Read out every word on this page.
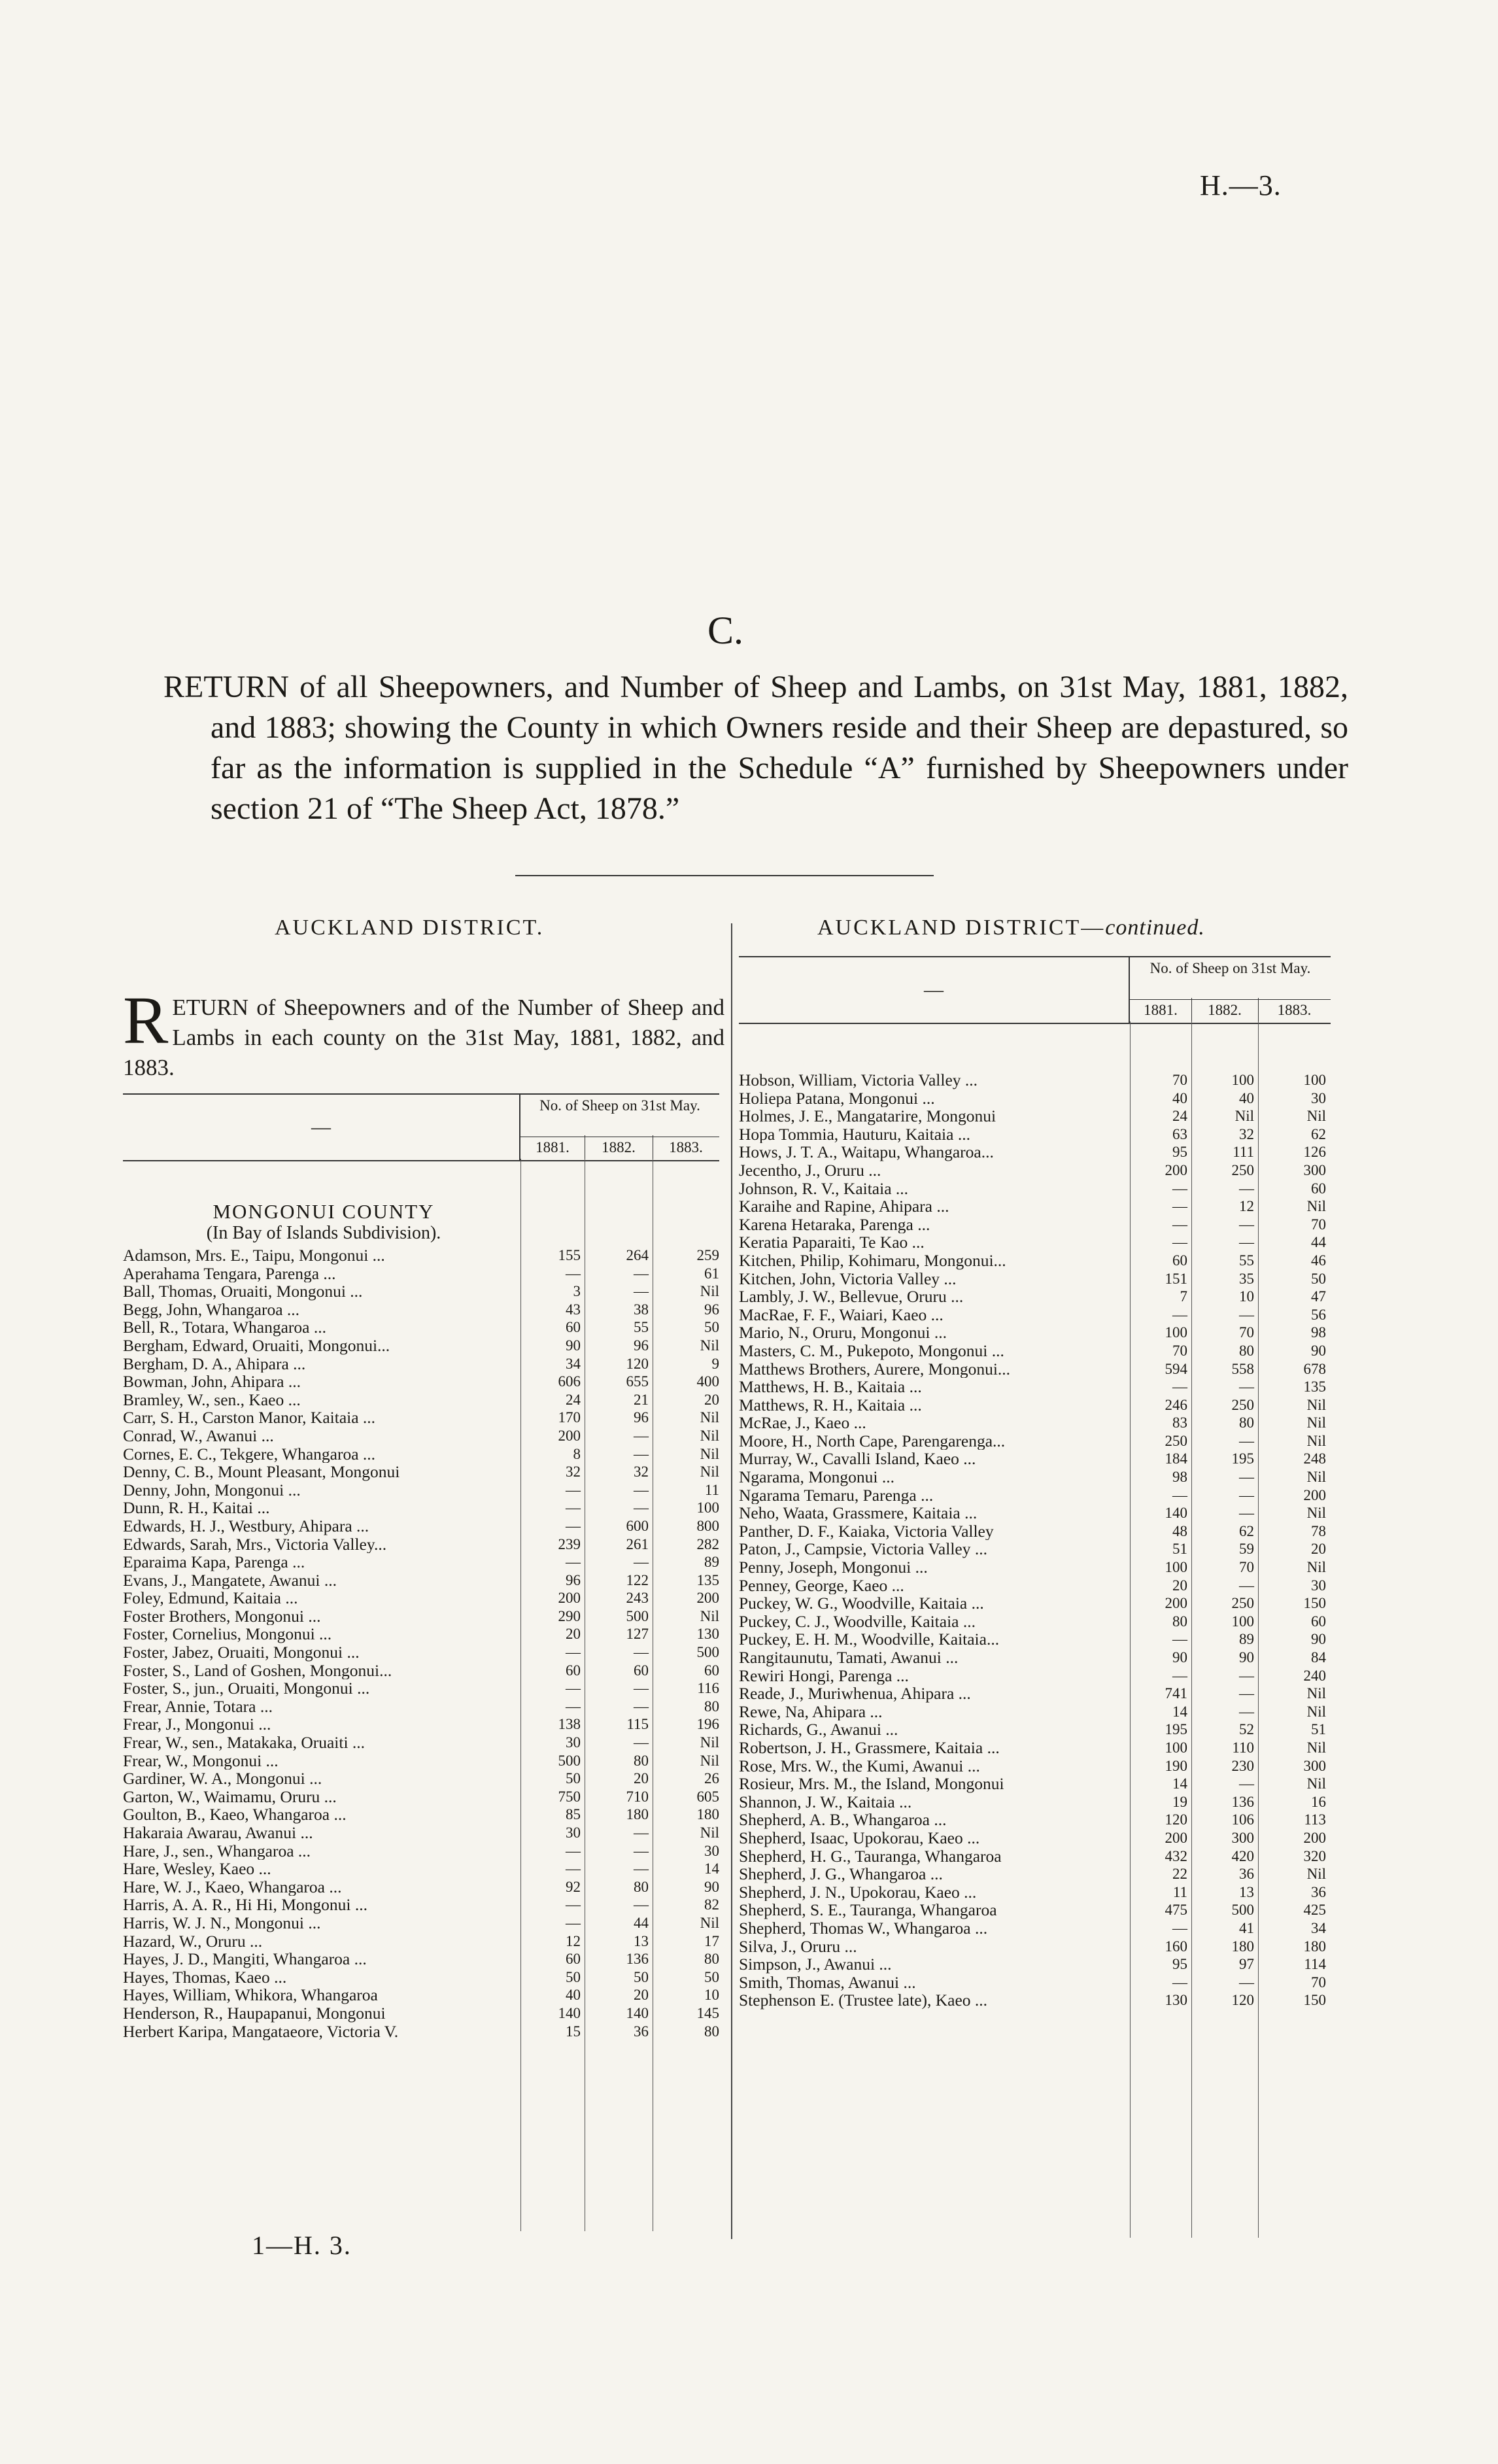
H.—3.
C.
RETURN of all Sheepowners, and Number of Sheep and Lambs, on 31st May, 1881, 1882, and 1883; showing the County in which Owners reside and their Sheep are depastured, so far as the information is supplied in the Schedule “A” furnished by Sheepowners under section 21 of “The Sheep Act, 1878.”
AUCKLAND DISTRICT.
RETURN of Sheepowners and of the Number of Sheep and Lambs in each county on the 31st May, 1881, 1882, and 1883.
—
No. of Sheep on 31st May.
1881.	1882.	1883.
MONGONUI COUNTY
(In Bay of Islands Subdivision).
Adamson, Mrs. E., Taipu, Mongonui ...	155	264	259
Aperahama Tengara, Parenga ...	—	—	61
Ball, Thomas, Oruaiti, Mongonui ...	3	—	Nil
Begg, John, Whangaroa ...	43	38	96
Bell, R., Totara, Whangaroa ...	60	55	50
Bergham, Edward, Oruaiti, Mongonui...	90	96	Nil
Bergham, D. A., Ahipara ...	34	120	9
Bowman, John, Ahipara ...	606	655	400
Bramley, W., sen., Kaeo ...	24	21	20
Carr, S. H., Carston Manor, Kaitaia ...	170	96	Nil
Conrad, W., Awanui ...	200	—	Nil
Cornes, E. C., Tekgere, Whangaroa ...	8	—	Nil
Denny, C. B., Mount Pleasant, Mongonui	32	32	Nil
Denny, John, Mongonui ...	—	—	11
Dunn, R. H., Kaitai ...	—	—	100
Edwards, H. J., Westbury, Ahipara ...	—	600	800
Edwards, Sarah, Mrs., Victoria Valley...	239	261	282
Eparaima Kapa, Parenga ...	—	—	89
Evans, J., Mangatete, Awanui ...	96	122	135
Foley, Edmund, Kaitaia ...	200	243	200
Foster Brothers, Mongonui ...	290	500	Nil
Foster, Cornelius, Mongonui ...	20	127	130
Foster, Jabez, Oruaiti, Mongonui ...	—	—	500
Foster, S., Land of Goshen, Mongonui...	60	60	60
Foster, S., jun., Oruaiti, Mongonui ...	—	—	116
Frear, Annie, Totara ...	—	—	80
Frear, J., Mongonui ...	138	115	196
Frear, W., sen., Matakaka, Oruaiti ...	30	—	Nil
Frear, W., Mongonui ...	500	80	Nil
Gardiner, W. A., Mongonui ...	50	20	26
Garton, W., Waimamu, Oruru ...	750	710	605
Goulton, B., Kaeo, Whangaroa ...	85	180	180
Hakaraia Awarau, Awanui ...	30	—	Nil
Hare, J., sen., Whangaroa ...	—	—	30
Hare, Wesley, Kaeo ...	—	—	14
Hare, W. J., Kaeo, Whangaroa ...	92	80	90
Harris, A. A. R., Hi Hi, Mongonui ...	—	—	82
Harris, W. J. N., Mongonui ...	—	44	Nil
Hazard, W., Oruru ...	12	13	17
Hayes, J. D., Mangiti, Whangaroa ...	60	136	80
Hayes, Thomas, Kaeo ...	50	50	50
Hayes, William, Whikora, Whangaroa	40	20	10
Henderson, R., Haupapanui, Mongonui	140	140	145
Herbert Karipa, Mangataeore, Victoria V.	15	36	80
AUCKLAND DISTRICT—continued.
—
No. of Sheep on 31st May.
1881.	1882.	1883.
Hobson, William, Victoria Valley ...	70	100	100
Holiepa Patana, Mongonui ...	40	40	30
Holmes, J. E., Mangatarire, Mongonui	24	Nil	Nil
Hopa Tommia, Hauturu, Kaitaia ...	63	32	62
Hows, J. T. A., Waitapu, Whangaroa...	95	111	126
Jecentho, J., Oruru ...	200	250	300
Johnson, R. V., Kaitaia ...	—	—	60
Karaihe and Rapine, Ahipara ...	—	12	Nil
Karena Hetaraka, Parenga ...	—	—	70
Keratia Paparaiti, Te Kao ...	—	—	44
Kitchen, Philip, Kohimaru, Mongonui...	60	55	46
Kitchen, John, Victoria Valley ...	151	35	50
Lambly, J. W., Bellevue, Oruru ...	7	10	47
MacRae, F. F., Waiari, Kaeo ...	—	—	56
Mario, N., Oruru, Mongonui ...	100	70	98
Masters, C. M., Pukepoto, Mongonui ...	70	80	90
Matthews Brothers, Aurere, Mongonui...	594	558	678
Matthews, H. B., Kaitaia ...	—	—	135
Matthews, R. H., Kaitaia ...	246	250	Nil
McRae, J., Kaeo ...	83	80	Nil
Moore, H., North Cape, Parengarenga...	250	—	Nil
Murray, W., Cavalli Island, Kaeo ...	184	195	248
Ngarama, Mongonui ...	98	—	Nil
Ngarama Temaru, Parenga ...	—	—	200
Neho, Waata, Grassmere, Kaitaia ...	140	—	Nil
Panther, D. F., Kaiaka, Victoria Valley	48	62	78
Paton, J., Campsie, Victoria Valley ...	51	59	20
Penny, Joseph, Mongonui ...	100	70	Nil
Penney, George, Kaeo ...	20	—	30
Puckey, W. G., Woodville, Kaitaia ...	200	250	150
Puckey, C. J., Woodville, Kaitaia ...	80	100	60
Puckey, E. H. M., Woodville, Kaitaia...	—	89	90
Rangitaunutu, Tamati, Awanui ...	90	90	84
Rewiri Hongi, Parenga ...	—	—	240
Reade, J., Muriwhenua, Ahipara ...	741	—	Nil
Rewe, Na, Ahipara ...	14	—	Nil
Richards, G., Awanui ...	195	52	51
Robertson, J. H., Grassmere, Kaitaia ...	100	110	Nil
Rose, Mrs. W., the Kumi, Awanui ...	190	230	300
Rosieur, Mrs. M., the Island, Mongonui	14	—	Nil
Shannon, J. W., Kaitaia ...	19	136	16
Shepherd, A. B., Whangaroa ...	120	106	113
Shepherd, Isaac, Upokorau, Kaeo ...	200	300	200
Shepherd, H. G., Tauranga, Whangaroa	432	420	320
Shepherd, J. G., Whangaroa ...	22	36	Nil
Shepherd, J. N., Upokorau, Kaeo ...	11	13	36
Shepherd, S. E., Tauranga, Whangaroa	475	500	425
Shepherd, Thomas W., Whangaroa ...	—	41	34
Silva, J., Oruru ...	160	180	180
Simpson, J., Awanui ...	95	97	114
Smith, Thomas, Awanui ...	—	—	70
Stephenson E. (Trustee late), Kaeo ...	130	120	150
1—H. 3.
